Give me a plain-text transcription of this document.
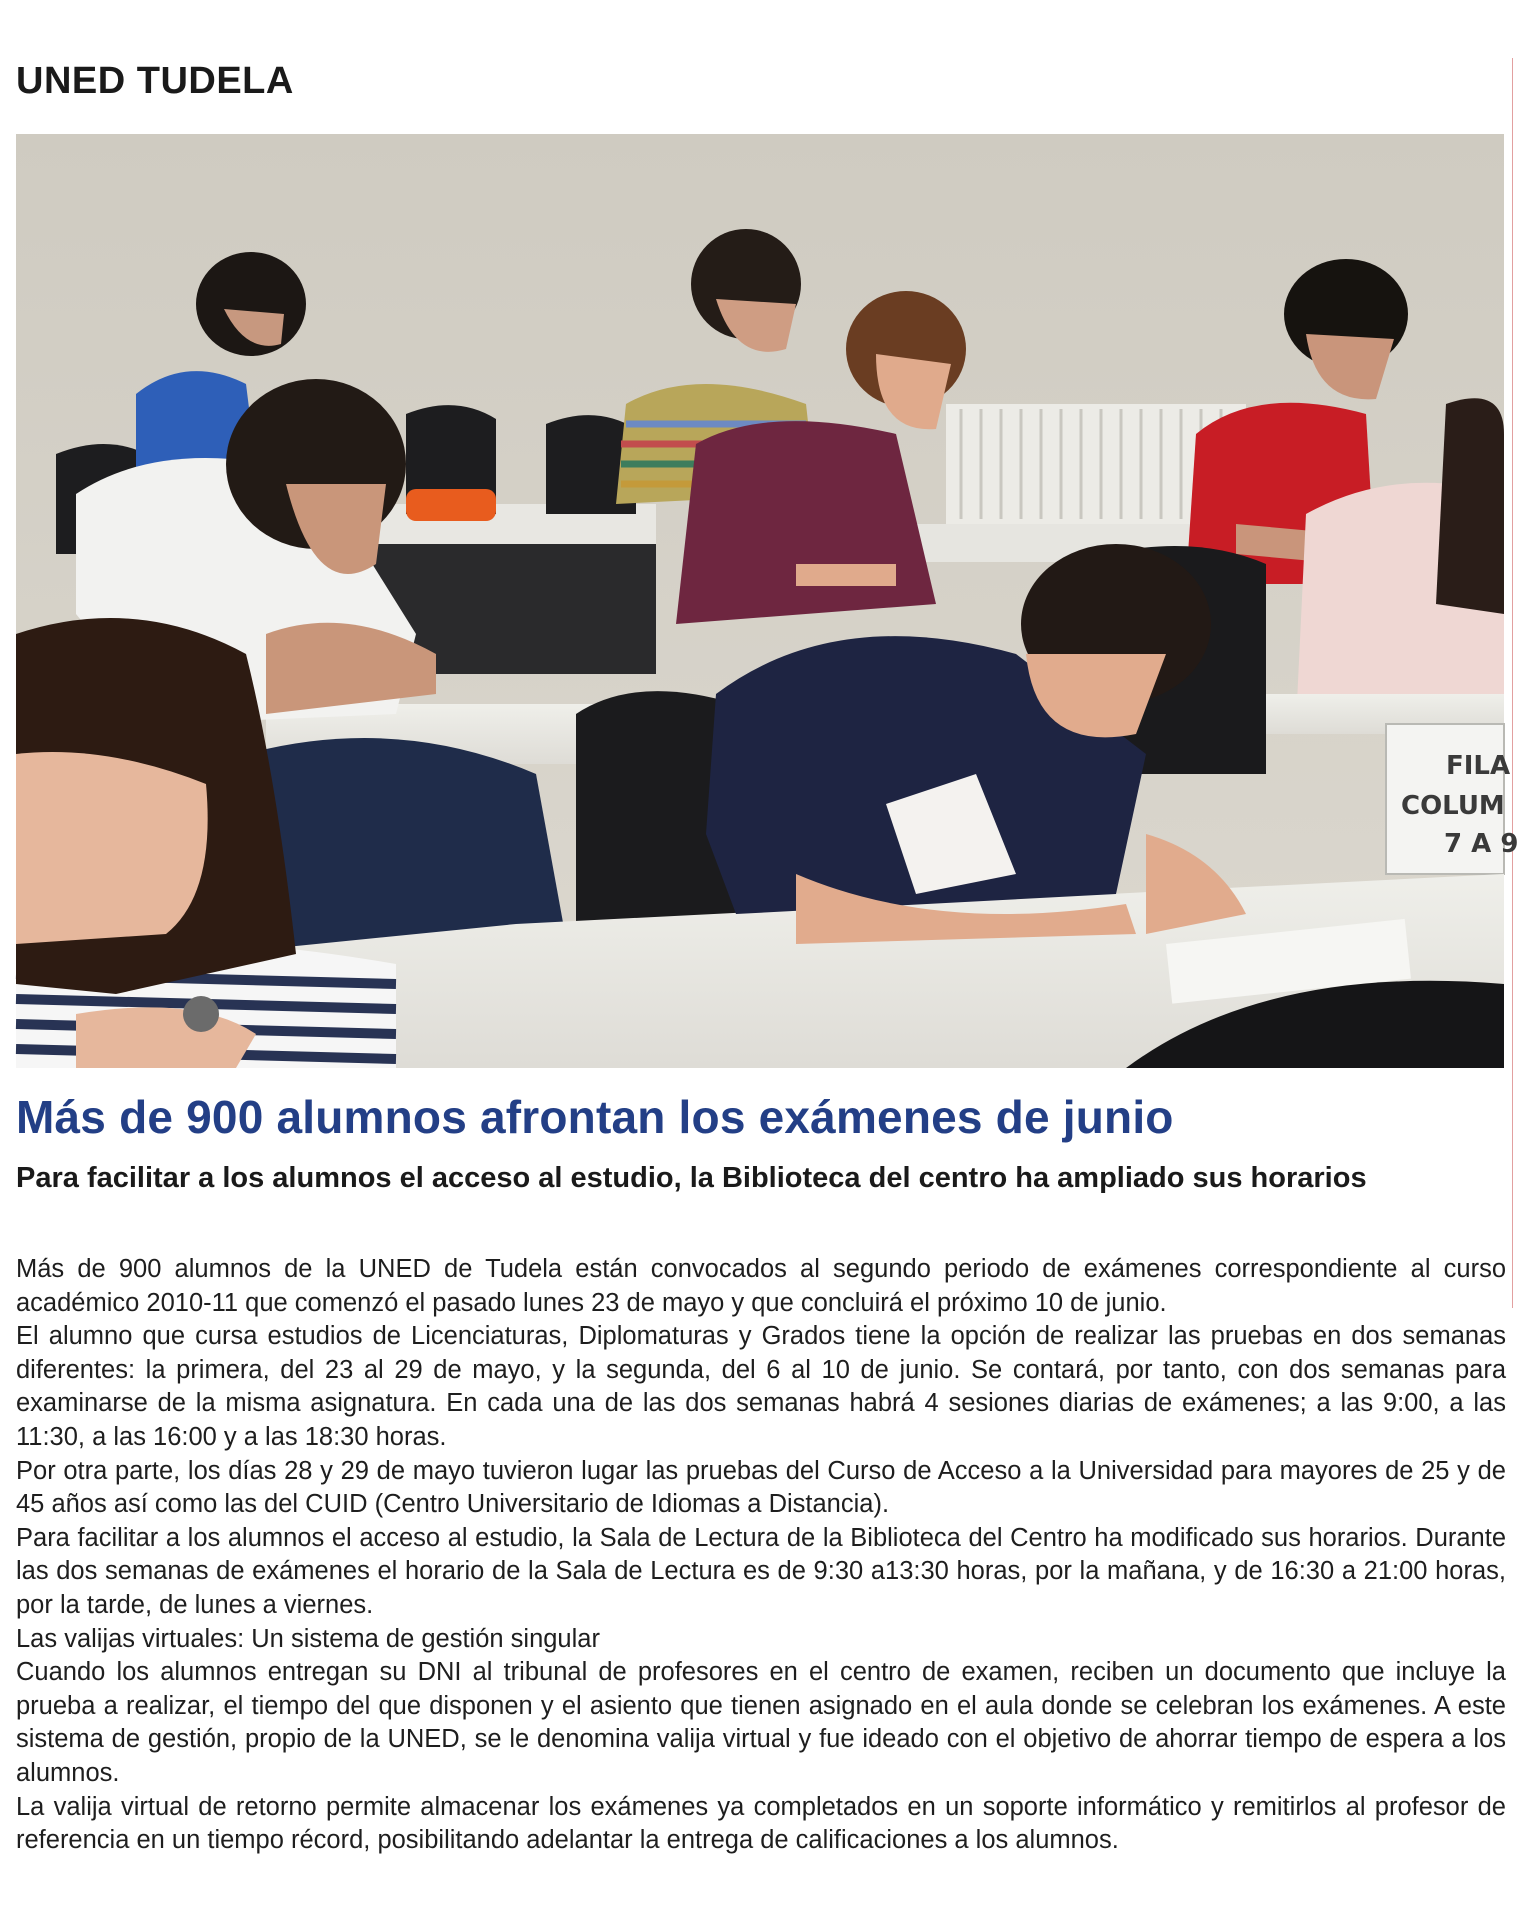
UNED TUDELA
FILA
COLUM
7 A 9
Más de 900 alumnos afrontan los exámenes de junio

Para facilitar a los alumnos el acceso al estudio, la Biblioteca del centro ha ampliado sus horarios

Más de 900 alumnos de la UNED de Tudela están convocados al segundo periodo de exámenes correspondiente al curso académico 2010-11 que comenzó el pasado lunes 23 de mayo y que concluirá el próximo 10 de junio.

El alumno que cursa estudios de Licenciaturas, Diplomaturas y Grados tiene la opción de realizar las pruebas en dos semanas diferentes: la primera, del 23 al 29 de mayo, y la segunda, del 6 al 10 de junio. Se contará, por tanto, con dos semanas para examinarse de la misma asignatura. En cada una de las dos semanas habrá 4 sesiones diarias de exámenes; a las 9:00, a las 11:30, a las 16:00 y a las 18:30 horas.

Por otra parte, los días 28 y 29 de mayo tuvieron lugar las pruebas del Curso de Acceso a la Universidad para mayores de 25 y de 45 años así como las del CUID (Centro Universitario de Idiomas a Distancia).

Para facilitar a los alumnos el acceso al estudio, la Sala de Lectura de la Biblioteca del Centro ha modificado sus horarios. Durante las dos semanas de exámenes el horario de la Sala de Lectura es de 9:30 a13:30 horas, por la mañana, y de 16:30 a 21:00 horas, por la tarde, de lunes a viernes.

Las valijas virtuales: Un sistema de gestión singular

Cuando los alumnos entregan su DNI al tribunal de profesores en el centro de examen, reciben un documento que incluye la prueba a realizar, el tiempo del que disponen y el asiento que tienen asignado en el aula donde se celebran los exámenes. A este sistema de gestión, propio de la UNED, se le denomina valija virtual y fue ideado con el objetivo de ahorrar tiempo de espera a los alumnos.

La valija virtual de retorno permite almacenar los exámenes ya completados en un soporte informático y remitirlos al profesor de referencia en un tiempo récord, posibilitando adelantar la entrega de calificaciones a los alumnos.
